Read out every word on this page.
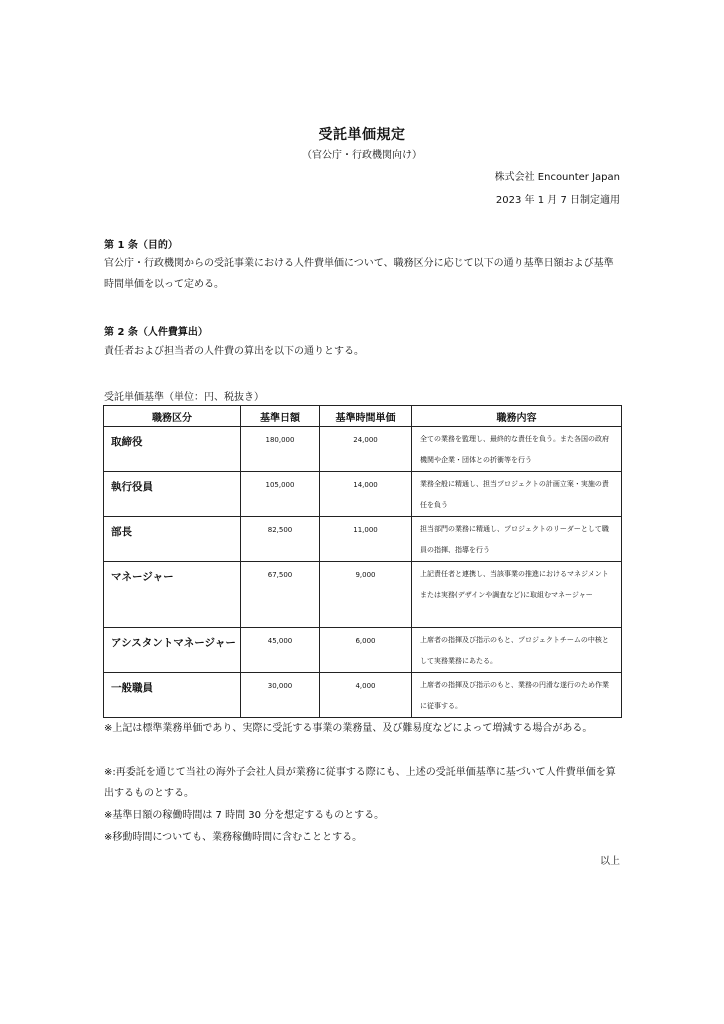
受託単価規定
（官公庁・行政機関向け）
株式会社 Encounter Japan
2023 年 1 月 7 日制定適用
第 1 条（目的）

官公庁・行政機関からの受託事業における人件費単価について、職務区分に応じて以下の通り基準日額および基準時間単価を以って定める。

第 2 条（人件費算出）

責任者および担当者の人件費の算出を以下の通りとする。

受託単価基準（単位：円、税抜き）
職務区分	基準日額	基準時間単価	職務内容
取締役	180,000	24,000	全ての業務を監理し、最終的な責任を負う。また各国の政府機関や企業・団体との折衝等を行う
執行役員	105,000	14,000	業務全般に精通し、担当プロジェクトの計画立案・実施の責任を負う
部長	82,500	11,000	担当部門の業務に精通し、プロジェクトのリーダーとして職員の指揮、指導を行う
マネージャー	67,500	9,000	上記責任者と連携し、当該事業の推進におけるマネジメントまたは実務(デザインや調査など)に取組むマネージャー
アシスタントマネージャー	45,000	6,000	上席者の指揮及び指示のもと、プロジェクトチームの中核として実務業務にあたる。
一般職員	30,000	4,000	上席者の指揮及び指示のもと、業務の円滑な遂行のため作業に従事する。

※上記は標準業務単価であり、実際に受託する事業の業務量、及び難易度などによって増減する場合がある。

※:再委託を通じて当社の海外子会社人員が業務に従事する際にも、上述の受託単価基準に基づいて人件費単価を算出するものとする。

※基準日額の稼働時間は 7 時間 30 分を想定するものとする。

※移動時間についても、業務稼働時間に含むこととする。

以上
